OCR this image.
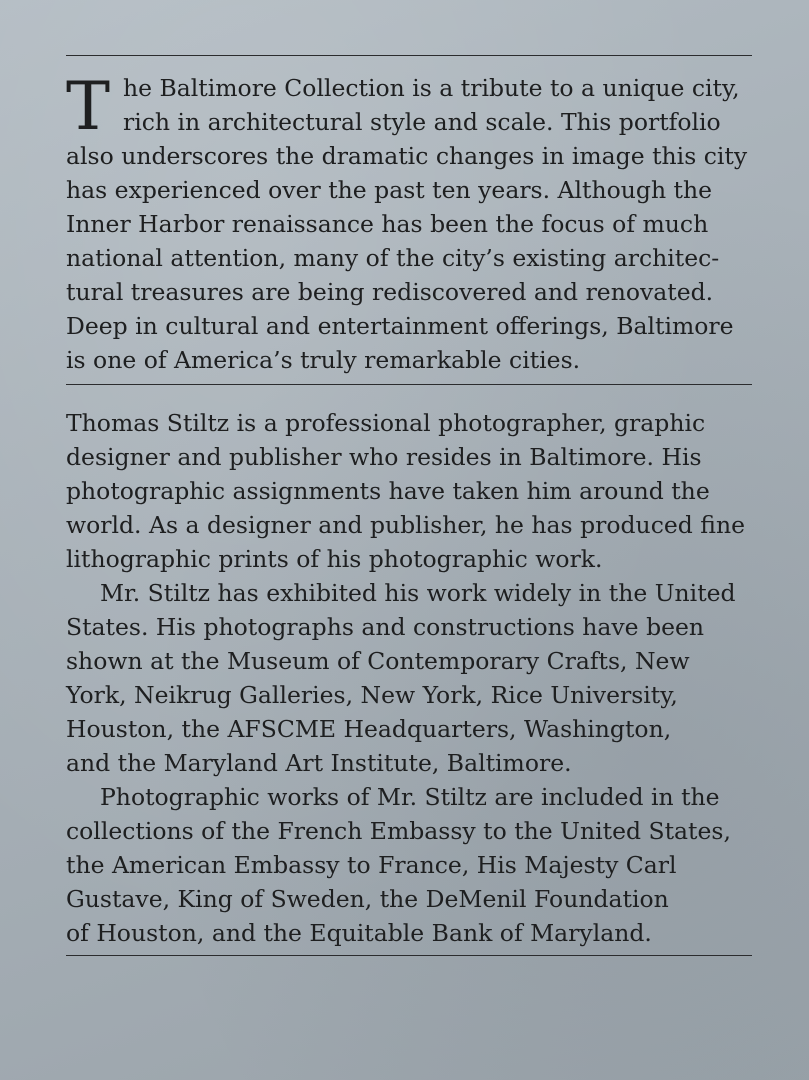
T he Baltimore Collection is a tribute to a unique city,
rich in architectural style and scale. This portfolio
also underscores the dramatic changes in image this city
has experienced over the past ten years. Although the
Inner Harbor renaissance has been the focus of much
national attention, many of the city’s existing architec-
tural treasures are being rediscovered and renovated.
Deep in cultural and entertainment offerings, Baltimore
is one of America’s truly remarkable cities.
Thomas Stiltz is a professional photographer, graphic
designer and publisher who resides in Baltimore. His
photographic assignments have taken him around the
world. As a designer and publisher, he has produced fine
lithographic prints of his photographic work.
Mr. Stiltz has exhibited his work widely in the United
States. His photographs and constructions have been
shown at the Museum of Contemporary Crafts, New
York, Neikrug Galleries, New York, Rice University,
Houston, the AFSCME Headquarters, Washington,
and the Maryland Art Institute, Baltimore.
Photographic works of Mr. Stiltz are included in the
collections of the French Embassy to the United States,
the American Embassy to France, His Majesty Carl
Gustave, King of Sweden, the DeMenil Foundation
of Houston, and the Equitable Bank of Maryland.
